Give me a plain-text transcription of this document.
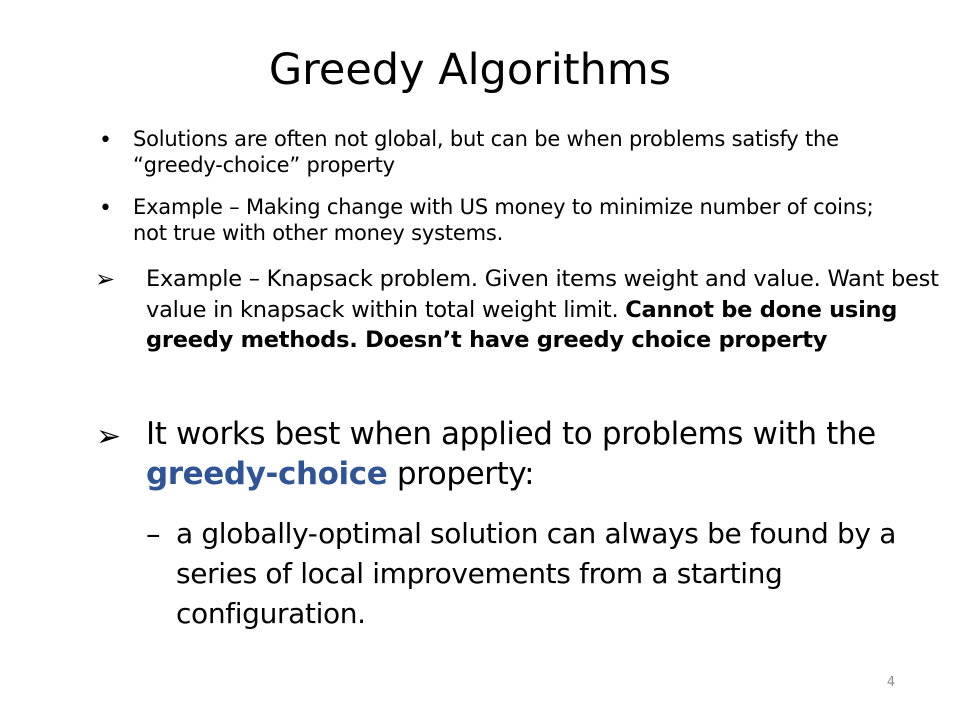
Greedy Algorithms
• Solutions are often not global, but can be when problems satisfy the “greedy-choice” property
• Example – Making change with US money to minimize number of coins; not true with other money systems.
➢ Example – Knapsack problem. Given items weight and value. Want best value in knapsack within total weight limit. Cannot be done using greedy methods. Doesn’t have greedy choice property
➢ It works best when applied to problems with the greedy-choice property:
– a globally-optimal solution can always be found by a series of local improvements from a starting configuration.
4
